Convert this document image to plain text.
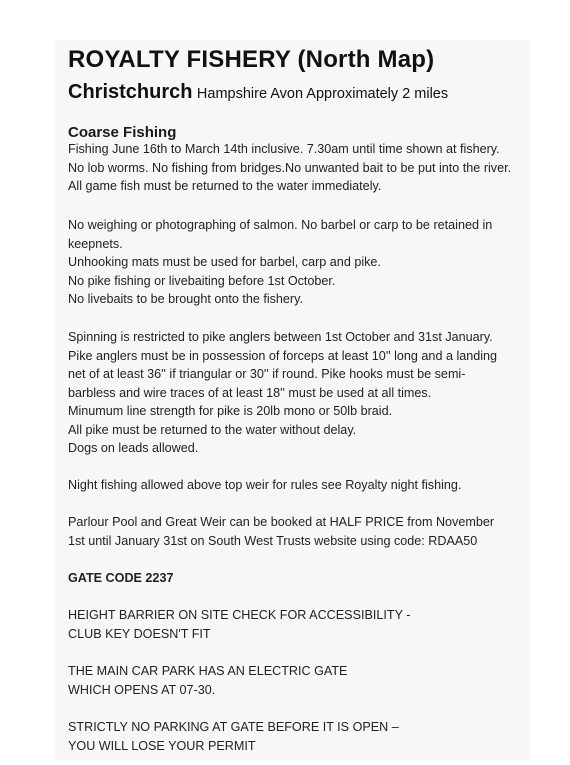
ROYALTY FISHERY (North Map)
Christchurch Hampshire Avon Approximately 2 miles
Coarse Fishing
Fishing June 16th to March 14th inclusive. 7.30am until time shown at fishery.
No lob worms. No fishing from bridges.No unwanted bait to be put into the river.
All game fish must be returned to the water immediately.
No weighing or photographing of salmon. No barbel or carp to be retained in
keepnets.
Unhooking mats must be used for barbel, carp and pike.
No pike fishing or livebaiting before 1st October.
No livebaits to be brought onto the fishery.
Spinning is restricted to pike anglers between 1st October and 31st January.
Pike anglers must be in possession of forceps at least 10'' long and a landing
net of at least 36'' if triangular or 30'' if round. Pike hooks must be semi-
barbless and wire traces of at least 18'' must be used at all times.
Minumum line strength for pike is 20lb mono or 50lb braid.
All pike must be returned to the water without delay.
Dogs on leads allowed.
Night fishing allowed above top weir for rules see Royalty night fishing.
Parlour Pool and Great Weir can be booked at HALF PRICE from November
1st until January 31st on South West Trusts website using code: RDAA50
GATE CODE 2237
HEIGHT BARRIER ON SITE CHECK FOR ACCESSIBILITY -
CLUB KEY DOESN'T FIT
THE MAIN CAR PARK HAS AN ELECTRIC GATE
WHICH OPENS AT 07-30.
STRICTLY NO PARKING AT GATE BEFORE IT IS OPEN –
YOU WILL LOSE YOUR PERMIT
